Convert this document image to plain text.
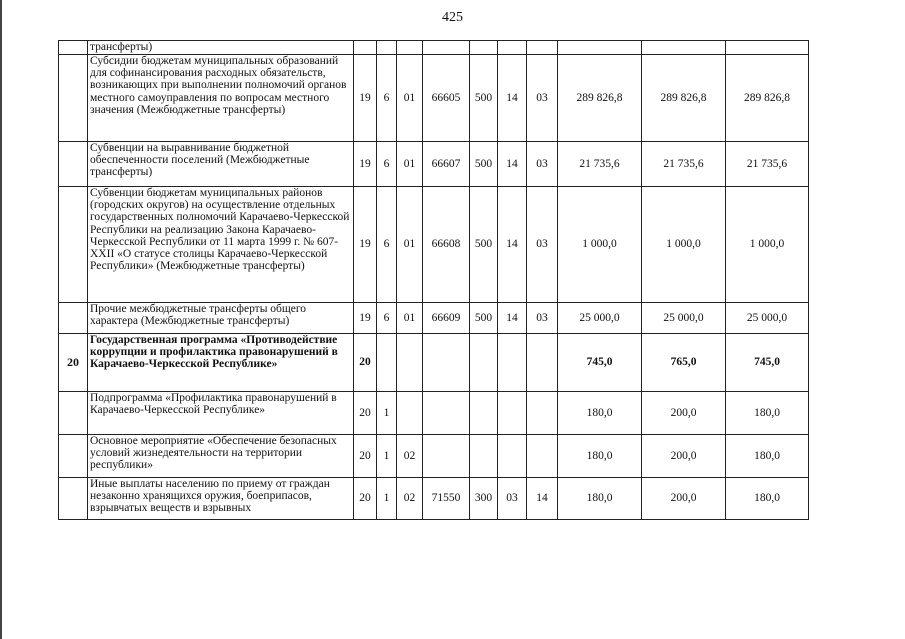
425
	трансферты)										
	Субсидии бюджетам муниципальных образований для софинансирования расходных обязательств, возникающих при выполнении полномочий органов местного самоуправления по вопросам местного значения (Межбюджетные трансферты)	19	6	01	66605	500	14	03	289 826,8	289 826,8	289 826,8
	Субвенции на выравнивание бюджетной обеспеченности поселений (Межбюджетные трансферты)	19	6	01	66607	500	14	03	21 735,6	21 735,6	21 735,6
	Субвенции бюджетам муниципальных районов (городских округов) на осуществление отдельных государственных полномочий Карачаево-Черкесской Республики на реализацию Закона Карачаево-Черкесской Республики от 11 марта 1999 г. № 607-XXII «О статусе столицы Карачаево-Черкесской Республики» (Межбюджетные трансферты)	19	6	01	66608	500	14	03	1 000,0	1 000,0	1 000,0
	Прочие межбюджетные трансферты общего характера (Межбюджетные трансферты)	19	6	01	66609	500	14	03	25 000,0	25 000,0	25 000,0
20	Государственная программа «Противодействие коррупции и профилактика правонарушений в Карачаево-Черкесской Республике»	20							745,0	765,0	745,0
	Подпрограмма «Профилактика правонарушений в Карачаево-Черкесской Республике»	20	1						180,0	200,0	180,0
	Основное мероприятие «Обеспечение безопасных условий жизнедеятельности на территории республики»	20	1	02					180,0	200,0	180,0
	Иные выплаты населению по приему от граждан незаконно хранящихся оружия, боеприпасов, взрывчатых веществ и взрывных	20	1	02	71550	300	03	14	180,0	200,0	180,0
